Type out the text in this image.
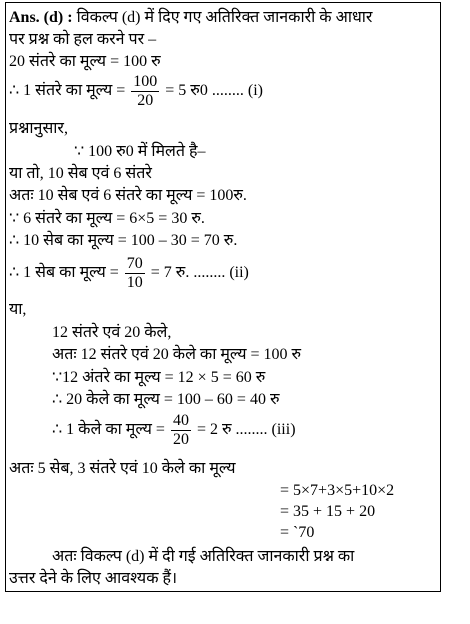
Ans. (d) : विकल्प (d) में दिए गए अतिरिक्त जानकारी के आधार
पर प्रश्न को हल करने पर –
20 संतरे का मूल्य = 100 रु
∴ 1 संतरे का मूल्य = $\frac{100}{20} = 5$ रु0 ........ (i)
प्रश्नानुसार,
∵ 100 रु0 में मिलते है–
या तो, 10 सेब एवं 6 संतरे
अतः 10 सेब एवं 6 संतरे का मूल्य = 100रु.
∵ 6 संतरे का मूल्य = 6×5 = 30 रु.
∴ 10 सेब का मूल्य = 100 – 30 = 70 रु.
∴ 1 सेब का मूल्य = $\frac{70}{10} = 7$ रु. ........ (ii)
या,
12 संतरे एवं 20 केले,
अतः 12 संतरे एवं 20 केले का मूल्य = 100 रु
∵12 अंतरे का मूल्य = 12 × 5 = 60 रु
∴ 20 केले का मूल्य = 100 – 60 = 40 रु
∴ 1 केले का मूल्य = $\frac{40}{20} = 2$ रु ........ (iii)
अतः 5 सेब, 3 संतरे एवं 10 केले का मूल्य
= 5×7+3×5+10×2
= 35 + 15 + 20
= `70
अतः विकल्प (d) में दी गई अतिरिक्त जानकारी प्रश्न का
उत्तर देने के लिए आवश्यक हैं।
